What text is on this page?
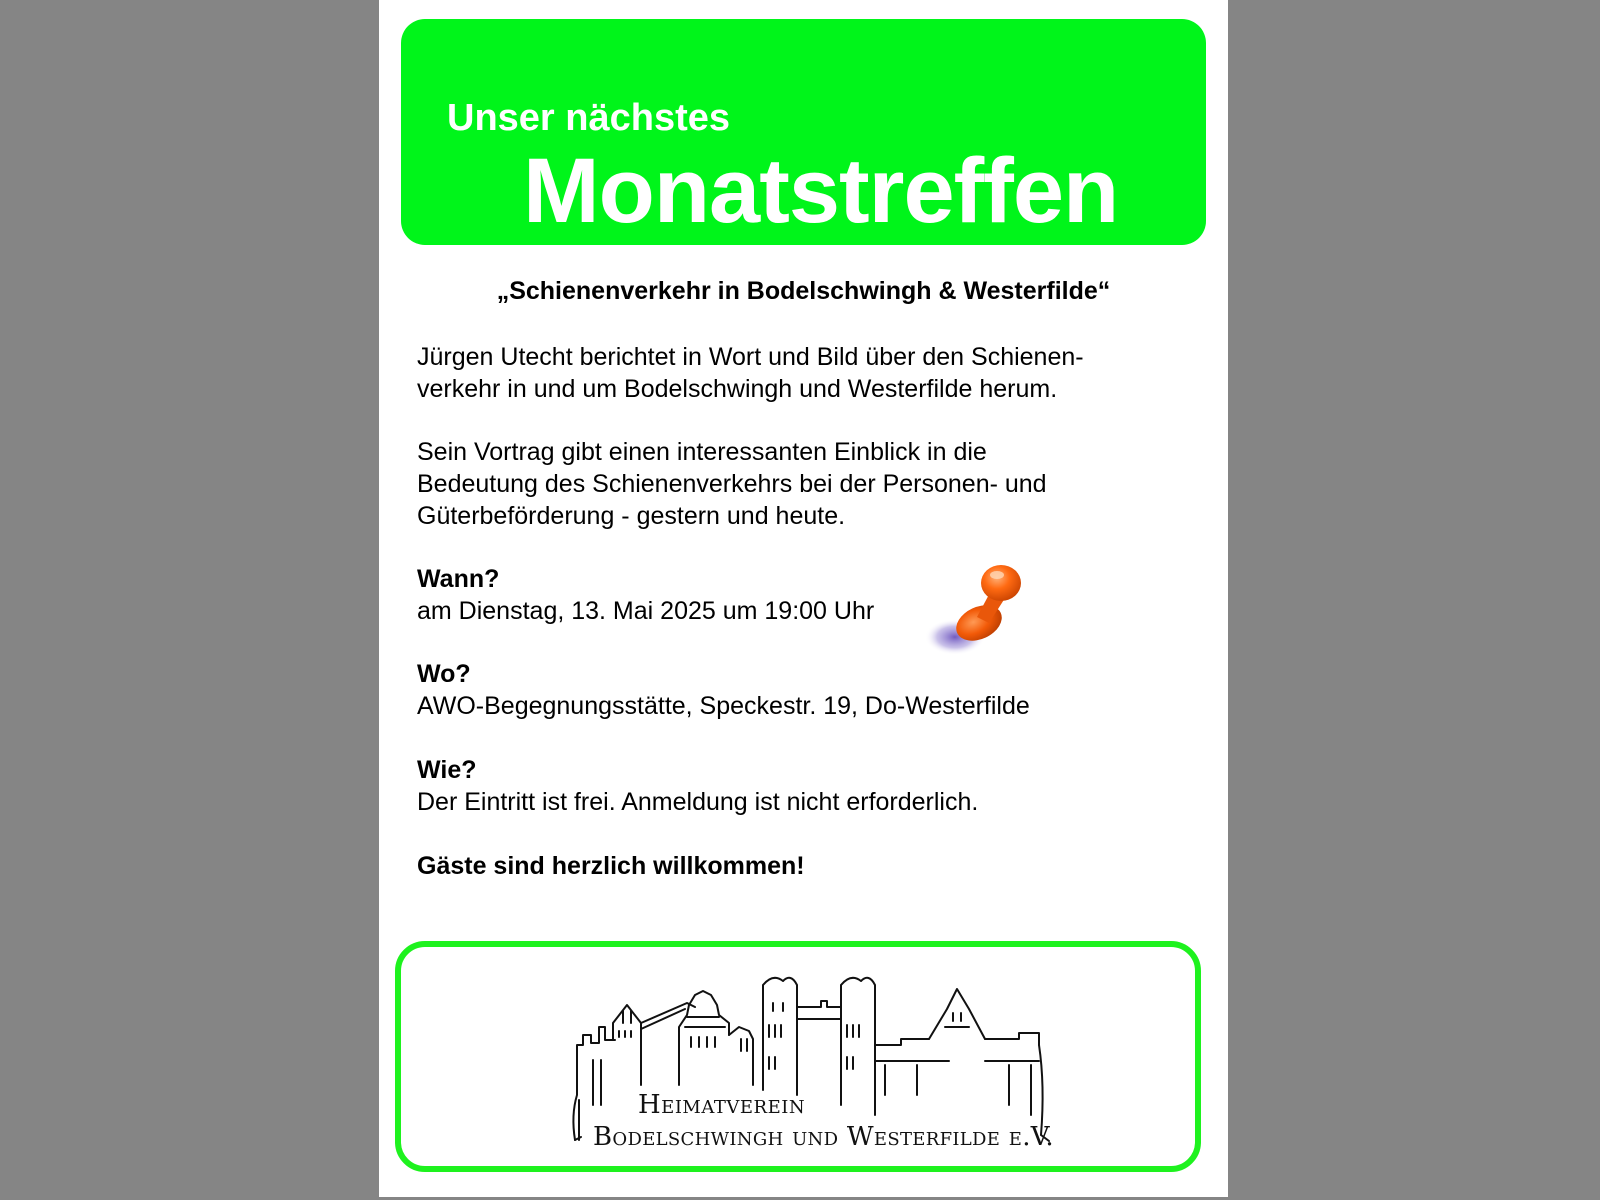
Unser nächstes
Monatstreffen
„Schienenverkehr in Bodelschwingh & Westerfilde“
Jürgen Utecht berichtet in Wort und Bild über den Schienen-
verkehr in und um Bodelschwingh und Westerfilde herum.
Sein Vortrag gibt einen interessanten Einblick in die
Bedeutung des Schienenverkehrs bei der Personen- und
Güterbeförderung - gestern und heute.
Wann?
am Dienstag, 13. Mai 2025 um 19:00 Uhr
Wo?
AWO-Begegnungsstätte, Speckestr. 19, Do-Westerfilde
Wie?
Der Eintritt ist frei. Anmeldung ist nicht erforderlich.
Gäste sind herzlich willkommen!
Heimatverein
Bodelschwingh und Westerfilde e.V.
